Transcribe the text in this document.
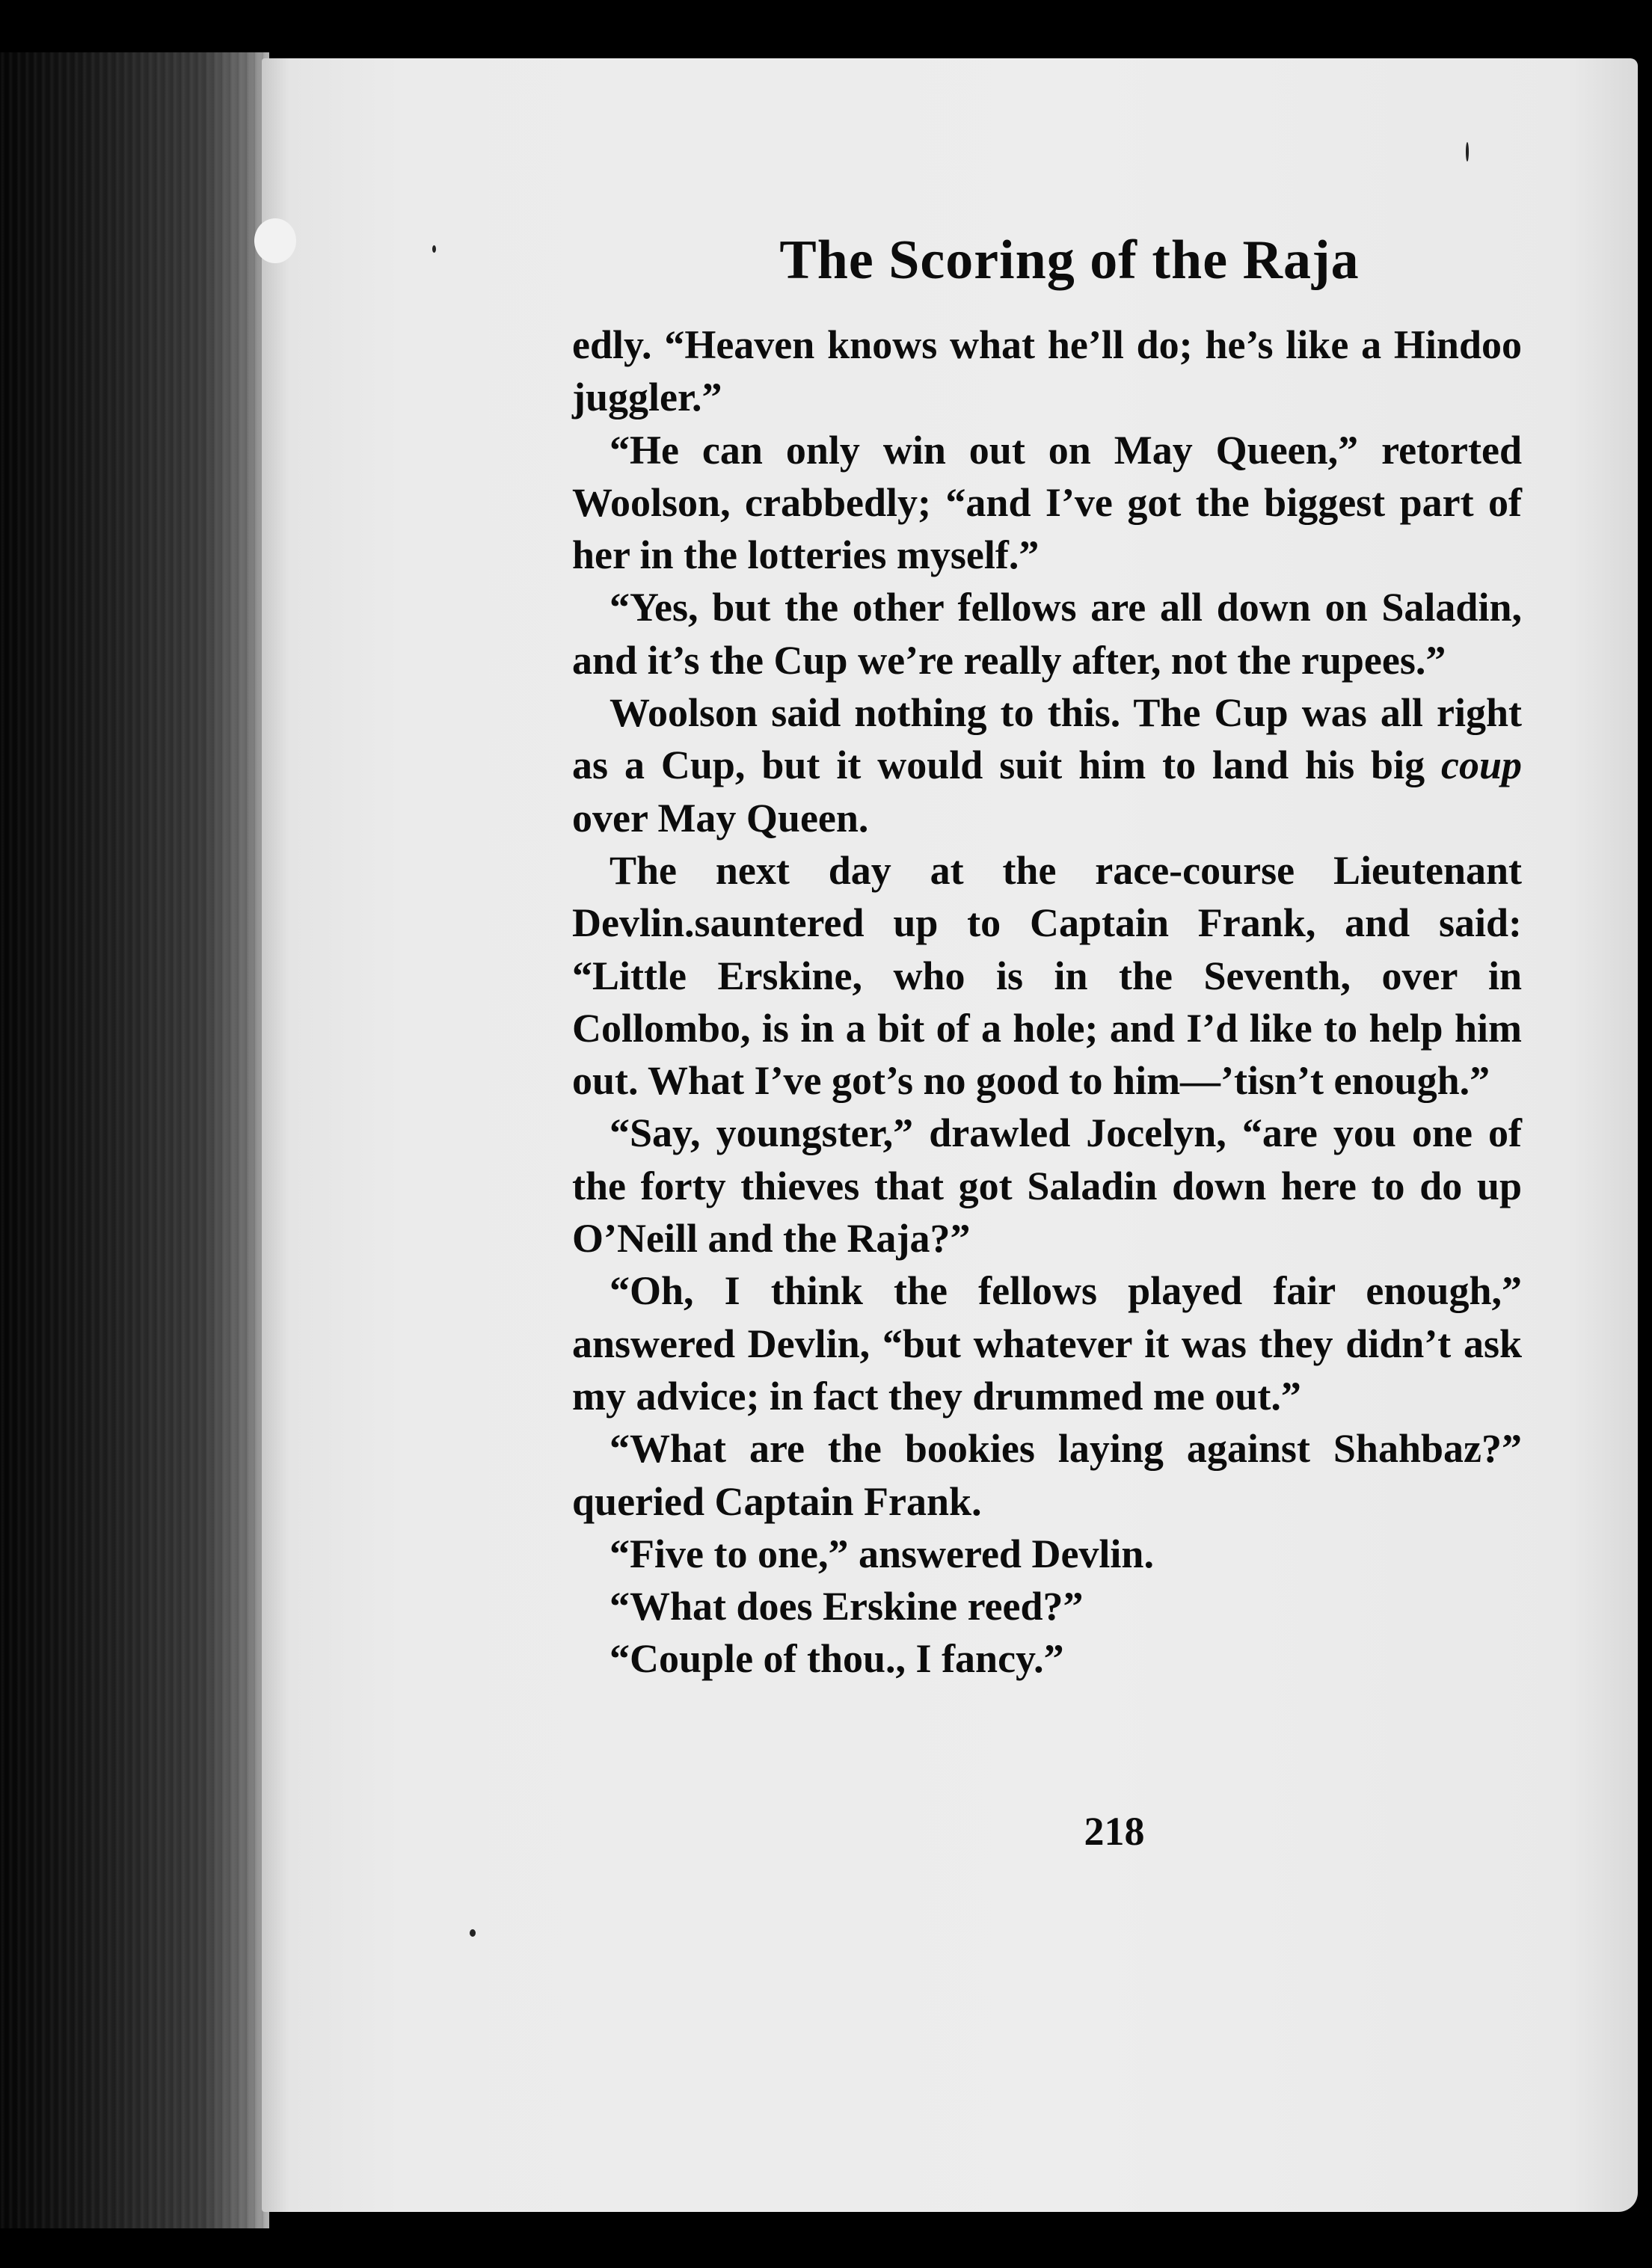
The Scoring of the Raja

edly. “Heaven knows what he’ll do; he’s like a Hindoo juggler.”

“He can only win out on May Queen,” retorted Woolson, crabbedly; “and I’ve got the biggest part of her in the lotteries myself.”

“Yes, but the other fellows are all down on Saladin, and it’s the Cup we’re really after, not the rupees.”

Woolson said nothing to this. The Cup was all right as a Cup, but it would suit him to land his big coup over May Queen.

The next day at the race-course Lieutenant Devlin.sauntered up to Captain Frank, and said: “Little Erskine, who is in the Seventh, over in Collombo, is in a bit of a hole; and I’d like to help him out. What I’ve got’s no good to him—’tisn’t enough.”

“Say, youngster,” drawled Jocelyn, “are you one of the forty thieves that got Saladin down here to do up O’Neill and the Raja?”

“Oh, I think the fellows played fair enough,” answered Devlin, “but whatever it was they didn’t ask my advice; in fact they drummed me out.”

“What are the bookies laying against Shahbaz?” queried Captain Frank.

“Five to one,” answered Devlin.

“What does Erskine reed?”

“Couple of thou., I fancy.”

218
